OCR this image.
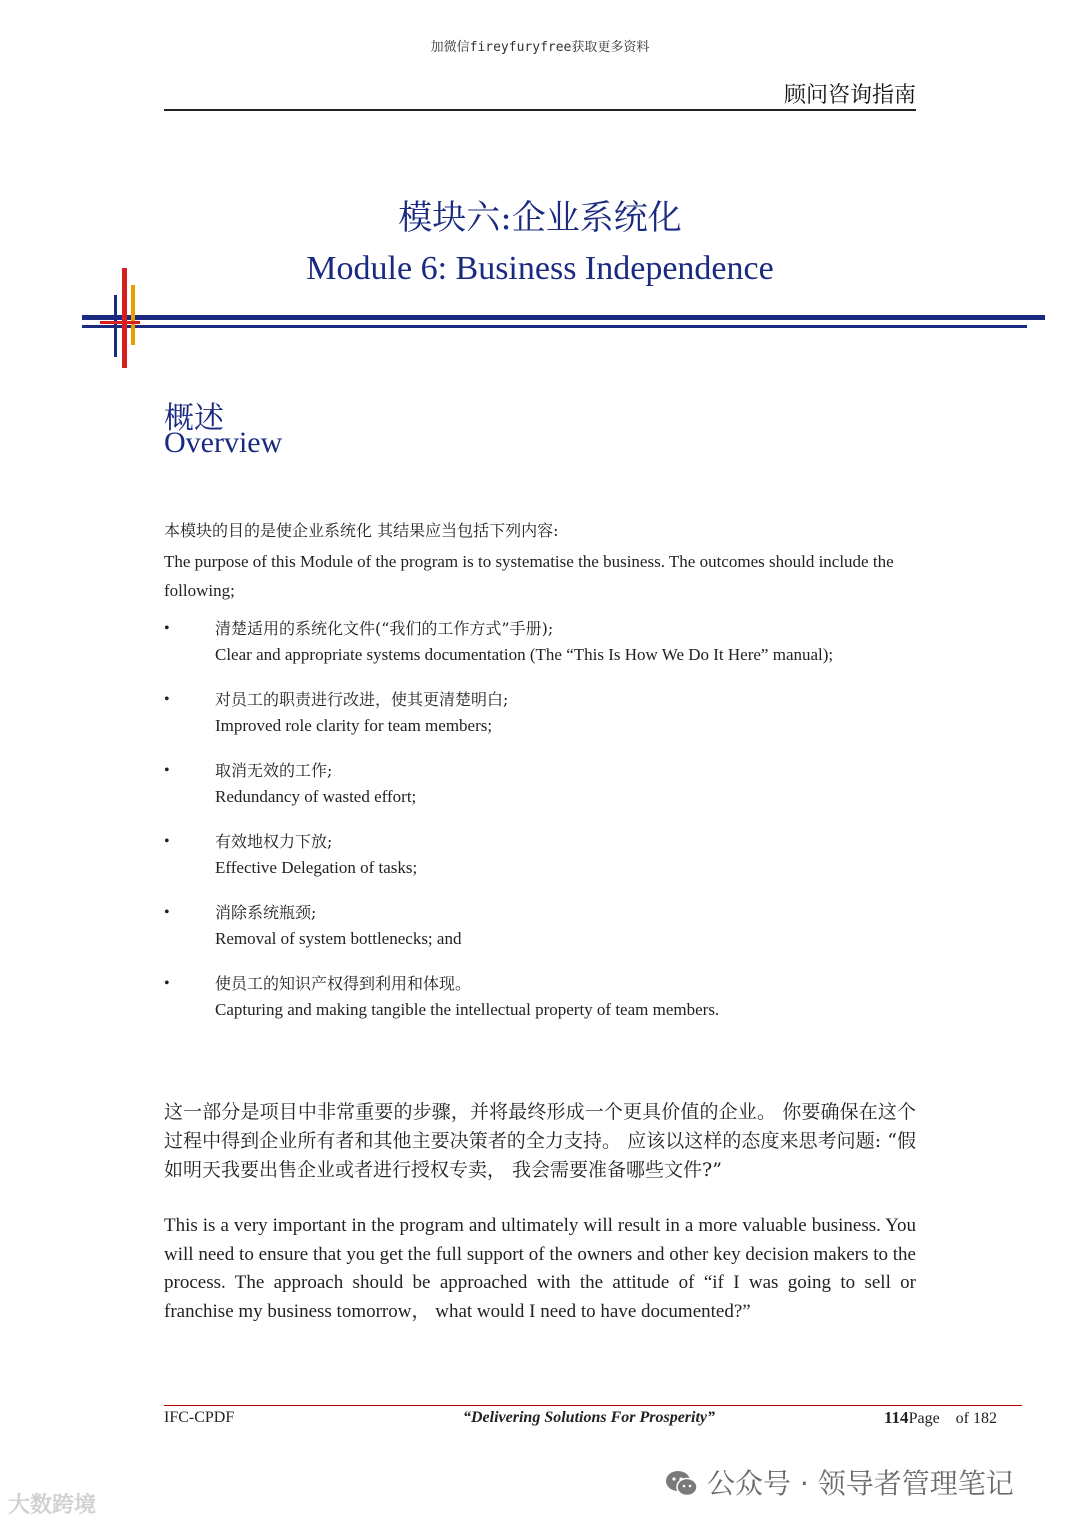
加微信fireyfuryfree获取更多资料
顾问咨询指南
模块六:企业系统化
Module 6: Business Independence
概述
Overview
本模块的目的是使企业系统化 其结果应当包括下列内容:
The purpose of this Module of the program is to systematise the business. The outcomes should include the following;
•	清楚适用的系统化文件(“我们的工作方式”手册);
Clear and appropriate systems documentation (The “This Is How We Do It Here” manual);
•	对员工的职责进行改进，使其更清楚明白;
Improved role clarity for team members;
•	取消无效的工作;
Redundancy of wasted effort;
•	有效地权力下放;
Effective Delegation of tasks;
•	消除系统瓶颈;
Removal of system bottlenecks; and
•	使员工的知识产权得到利用和体现。
Capturing and making tangible the intellectual property of team members.
这一部分是项目中非常重要的步骤，并将最终形成一个更具价值的企业。 你要确保在这个过程中得到企业所有者和其他主要决策者的全力支持。 应该以这样的态度来思考问题: “假如明天我要出售企业或者进行授权专卖， 我会需要准备哪些文件?”
This is a very important in the program and ultimately will result in a more valuable business. You will need to ensure that you get the full support of the owners and other key decision makers to the process. The approach should be approached with the attitude of “if I was going to sell or franchise my business tomorrow， what would I need to have documented?”
IFC-CPDF	“Delivering Solutions For Prosperity”	114Page of 182
大数跨境
公众号 · 领导者管理笔记
